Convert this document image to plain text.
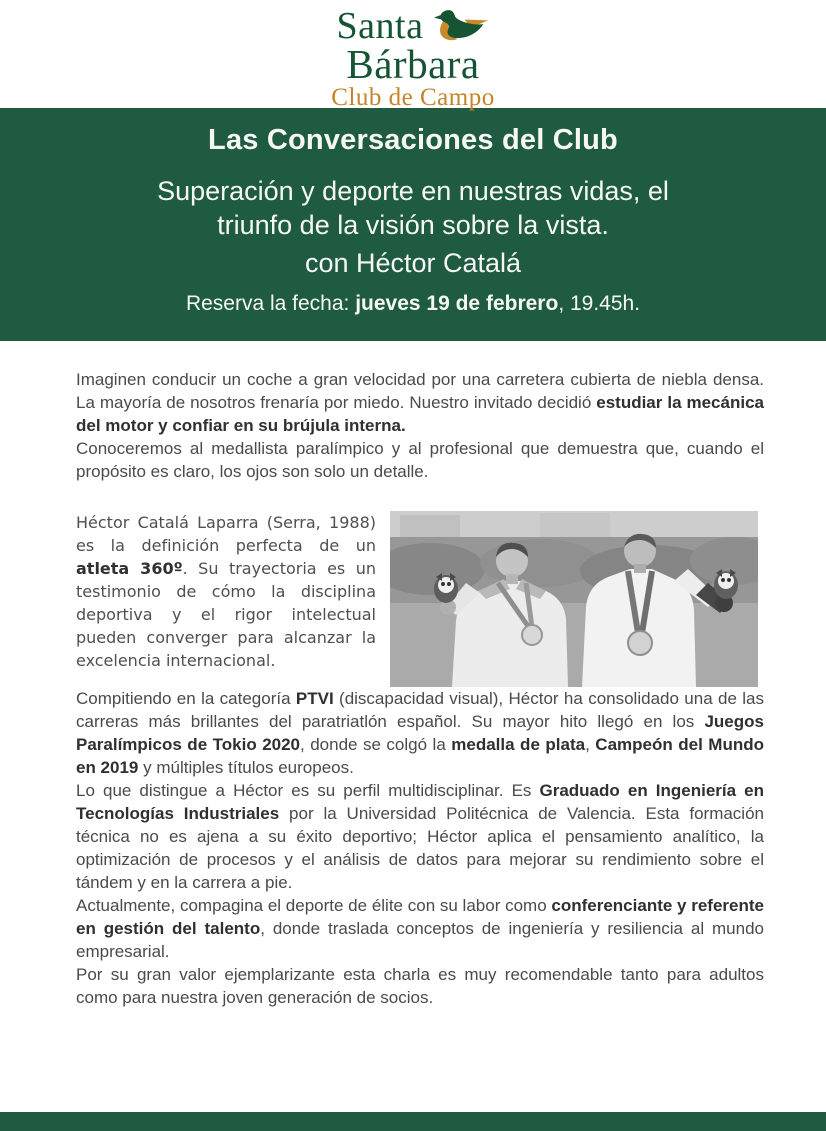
Santa
Bárbara
Club de Campo
Las Conversaciones del Club

Superación y deporte en nuestras vidas, el
triunfo de la visión sobre la vista.

con Héctor Catalá

Reserva la fecha: jueves 19 de febrero, 19.45h.

Imaginen conducir un coche a gran velocidad por una carretera cubierta de niebla densa. La mayoría de nosotros frenaría por miedo. Nuestro invitado decidió estudiar la mecánica del motor y confiar en su brújula interna.

Conoceremos al medallista paralímpico y al profesional que demuestra que, cuando el propósito es claro, los ojos son solo un detalle.

Héctor Catalá Laparra (Serra, 1988) es la definición perfecta de un atleta 360º. Su trayectoria es un testimonio de cómo la disciplina deportiva y el rigor intelectual pueden converger para alcanzar la excelencia internacional.

Compitiendo en la categoría PTVI (discapacidad visual), Héctor ha consolidado una de las carreras más brillantes del paratriatlón español. Su mayor hito llegó en los Juegos Paralímpicos de Tokio 2020, donde se colgó la medalla de plata, Campeón del Mundo en 2019 y múltiples títulos europeos.

Lo que distingue a Héctor es su perfil multidisciplinar. Es Graduado en Ingeniería en Tecnologías Industriales por la Universidad Politécnica de Valencia. Esta formación técnica no es ajena a su éxito deportivo; Héctor aplica el pensamiento analítico, la optimización de procesos y el análisis de datos para mejorar su rendimiento sobre el tándem y en la carrera a pie.

Actualmente, compagina el deporte de élite con su labor como conferenciante y referente en gestión del talento, donde traslada conceptos de ingeniería y resiliencia al mundo empresarial.

Por su gran valor ejemplarizante esta charla es muy recomendable tanto para adultos como para nuestra joven generación de socios.
